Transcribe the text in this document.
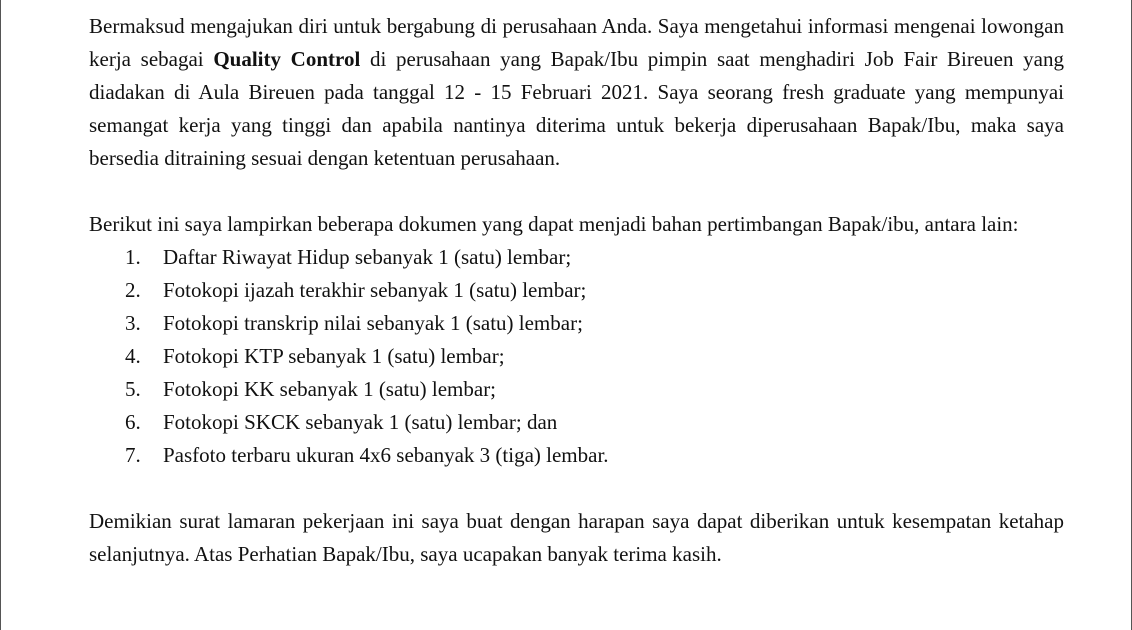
Bermaksud mengajukan diri untuk bergabung di perusahaan Anda. Saya mengetahui informasi mengenai lowongan kerja sebagai Quality Control di perusahaan yang Bapak/Ibu pimpin saat menghadiri Job Fair Bireuen yang diadakan di Aula Bireuen pada tanggal 12 - 15 Februari 2021. Saya seorang fresh graduate yang mempunyai semangat kerja yang tinggi dan apabila nantinya diterima untuk bekerja diperusahaan Bapak/Ibu, maka saya bersedia ditraining sesuai dengan ketentuan perusahaan.

Berikut ini saya lampirkan beberapa dokumen yang dapat menjadi bahan pertimbangan Bapak/ibu, antara lain:

1.	Daftar Riwayat Hidup sebanyak 1 (satu) lembar;
2.	Fotokopi ijazah terakhir sebanyak 1 (satu) lembar;
3.	Fotokopi transkrip nilai sebanyak 1 (satu) lembar;
4.	Fotokopi KTP sebanyak 1 (satu) lembar;
5.	Fotokopi KK sebanyak 1 (satu) lembar;
6.	Fotokopi SKCK sebanyak 1 (satu) lembar; dan
7.	Pasfoto terbaru ukuran 4x6 sebanyak 3 (tiga) lembar.

Demikian surat lamaran pekerjaan ini saya buat dengan harapan saya dapat diberikan untuk kesempatan ketahap selanjutnya. Atas Perhatian Bapak/Ibu, saya ucapakan banyak terima kasih.
